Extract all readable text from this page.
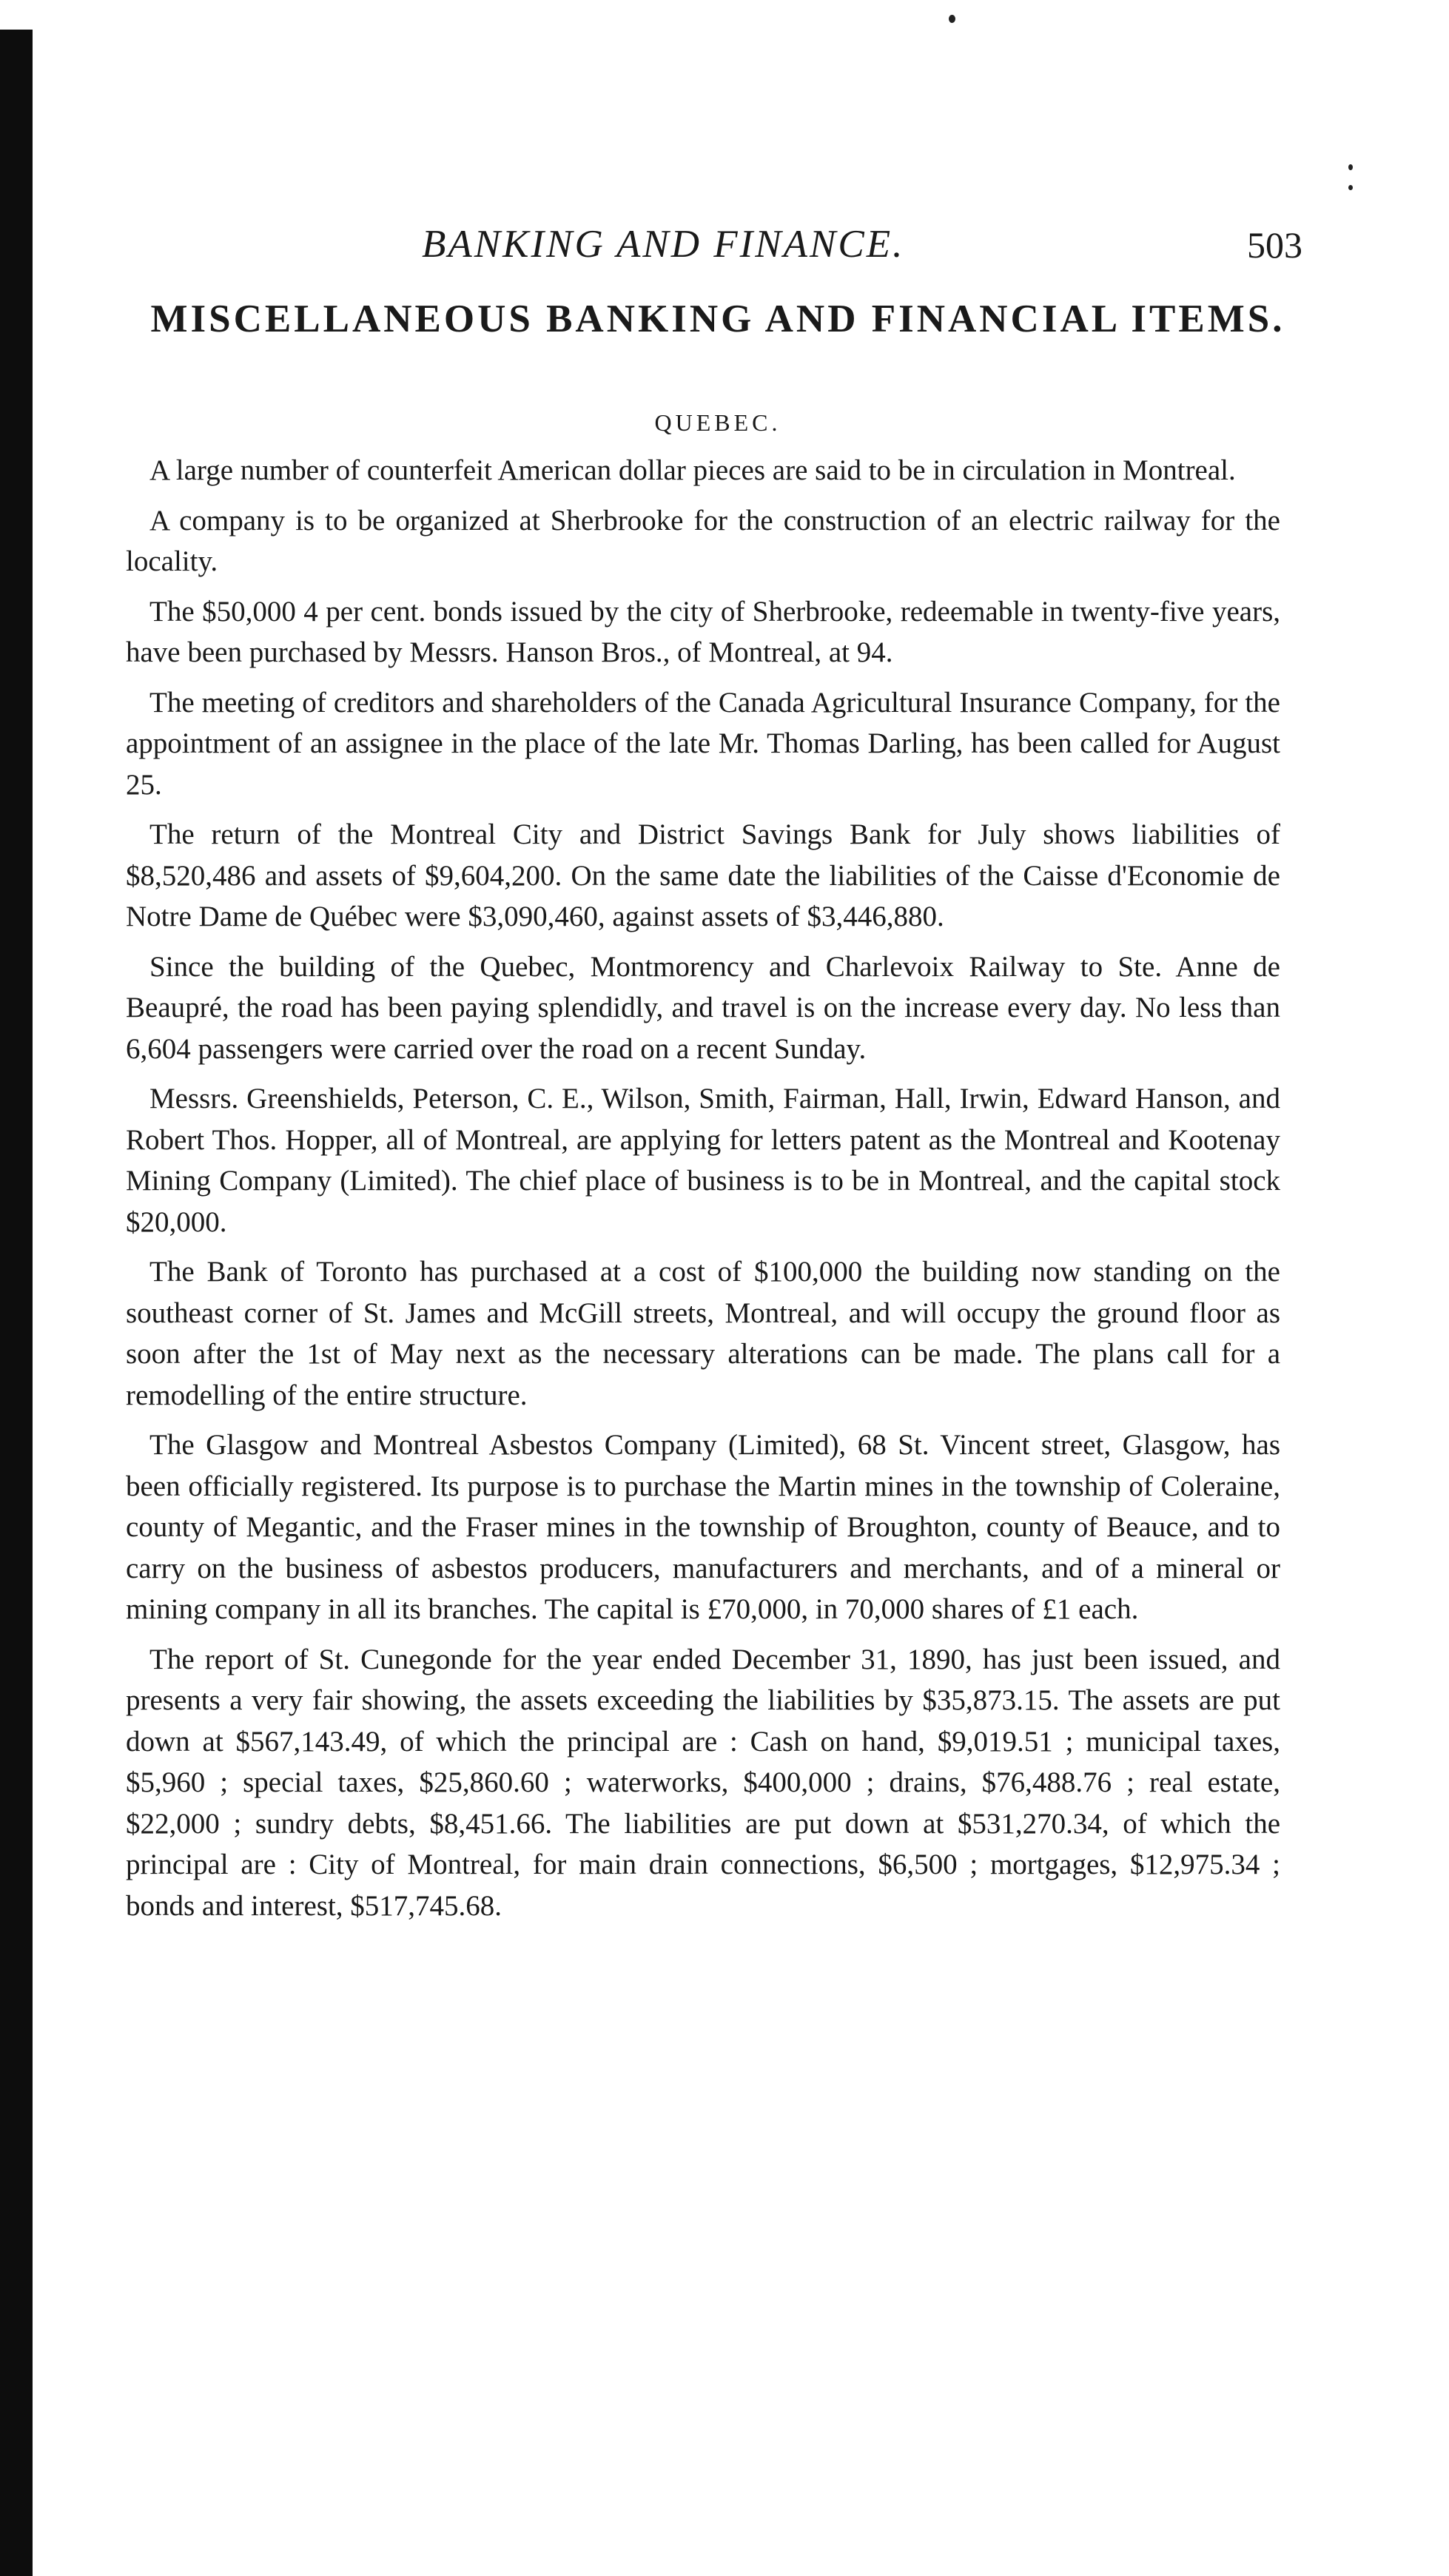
BANKING AND FINANCE.	503
MISCELLANEOUS BANKING AND FINANCIAL ITEMS.
QUEBEC.

A large number of counterfeit American dollar pieces are said to be in circulation in Montreal.

A company is to be organized at Sherbrooke for the construction of an electric railway for the locality.

The $50,000 4 per cent. bonds issued by the city of Sherbrooke, redeemable in twenty-five years, have been purchased by Messrs. Hanson Bros., of Montreal, at 94.

The meeting of creditors and shareholders of the Canada Agricultural Insurance Company, for the appointment of an assignee in the place of the late Mr. Thomas Darling, has been called for August 25.

The return of the Montreal City and District Savings Bank for July shows liabilities of $8,520,486 and assets of $9,604,200. On the same date the liabilities of the Caisse d'Economie de Notre Dame de Québec were $3,090,460, against assets of $3,446,880.

Since the building of the Quebec, Montmorency and Charlevoix Railway to Ste. Anne de Beaupré, the road has been paying splendidly, and travel is on the increase every day. No less than 6,604 passengers were carried over the road on a recent Sunday.

Messrs. Greenshields, Peterson, C. E., Wilson, Smith, Fairman, Hall, Irwin, Edward Hanson, and Robert Thos. Hopper, all of Montreal, are applying for letters patent as the Montreal and Kootenay Mining Company (Limited). The chief place of business is to be in Montreal, and the capital stock $20,000.

The Bank of Toronto has purchased at a cost of $100,000 the building now standing on the southeast corner of St. James and McGill streets, Montreal, and will occupy the ground floor as soon after the 1st of May next as the necessary alterations can be made. The plans call for a remodelling of the entire structure.

The Glasgow and Montreal Asbestos Company (Limited), 68 St. Vincent street, Glasgow, has been officially registered. Its purpose is to purchase the Martin mines in the township of Coleraine, county of Megantic, and the Fraser mines in the township of Broughton, county of Beauce, and to carry on the business of asbestos producers, manufacturers and merchants, and of a mineral or mining company in all its branches. The capital is £70,000, in 70,000 shares of £1 each.

The report of St. Cunegonde for the year ended December 31, 1890, has just been issued, and presents a very fair showing, the assets exceeding the liabilities by $35,873.15. The assets are put down at $567,143.49, of which the principal are : Cash on hand, $9,019.51 ; municipal taxes, $5,960 ; special taxes, $25,860.60 ; waterworks, $400,000 ; drains, $76,488.76 ; real estate, $22,000 ; sundry debts, $8,451.66. The liabilities are put down at $531,270.34, of which the principal are : City of Montreal, for main drain connections, $6,500 ; mortgages, $12,975.34 ; bonds and interest, $517,745.68.
